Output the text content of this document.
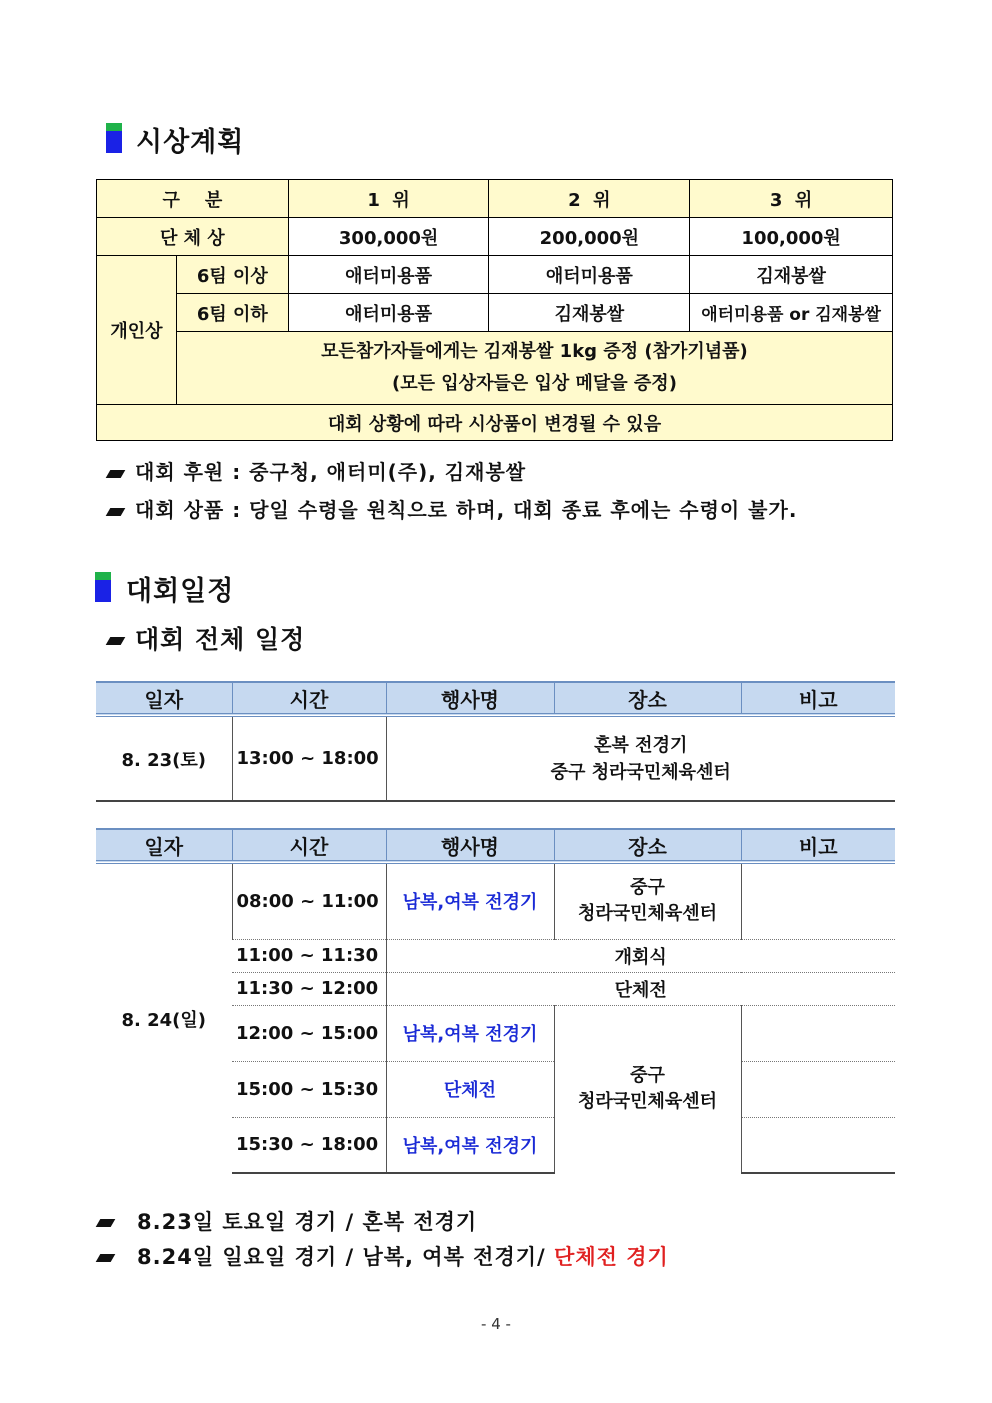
시상계획
구    분		1  위	2  위	3  위
단 체 상		300,000원	200,000원	100,000원
개인상	6팀 이상	애터미용품	애터미용품	김재봉쌀
	6팀 이하	애터미용품	김재봉쌀	애터미용품 or 김재봉쌀

	모든참가자들에게는 김재봉쌀 1kg 증정 (참가기념품)
(모든 입상자들은 입상 메달을 증정)			

대회 상황에 따라 시상품이 변경될 수 있음				
대회 후원 : 중구청, 애터미(주), 김재봉쌀
대회 상품 : 당일 수령을 원칙으로 하며, 대회 종료 후에는 수령이 불가.
대회일정
대회 전체 일정
일자	시간	행사명	장소	비고
8. 23(토)	13:00 ~ 18:00	혼복 전경기
중구 청라국민체육센터		
일자	시간	행사명	장소	비고
8. 24(일)	08:00 ~ 11:00	남복,여복 전경기	중구
청라국민체육센터	

	11:00 ~ 11:30	개회식		
	11:30 ~ 12:00	단체전		
	12:00 ~ 15:00	남복,여복 전경기	중구
청라국민체육센터	

	15:00 ~ 15:30	단체전		
	15:30 ~ 18:00	남복,여복 전경기		
8.23일 토요일 경기 / 혼복 전경기
8.24일 일요일 경기 / 남복, 여복 전경기/ 단체전 경기
- 4 -
